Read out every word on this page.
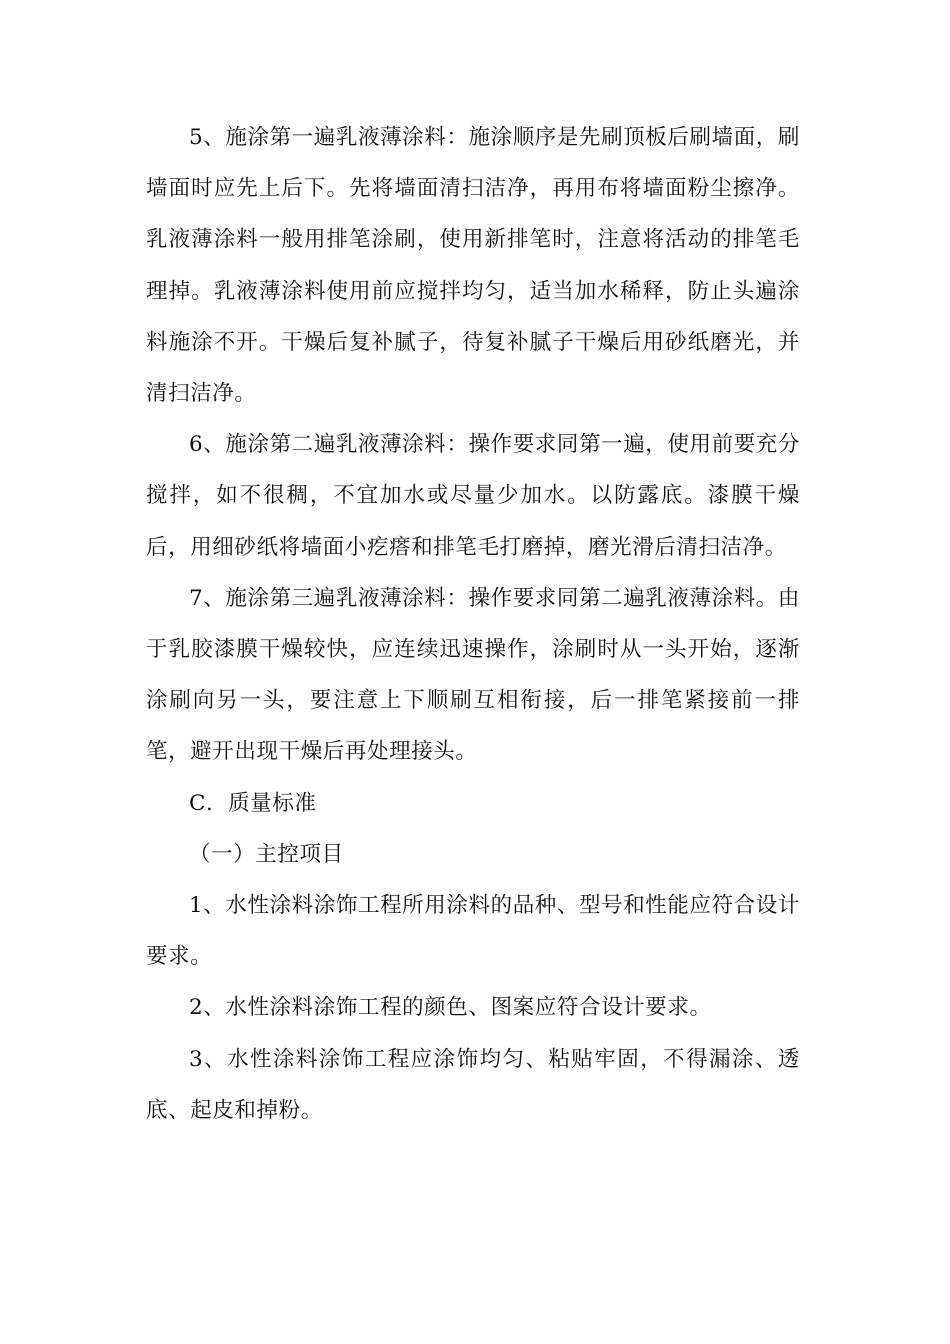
5、施涂第一遍乳液薄涂料：施涂顺序是先刷顶板后刷墙面，刷墙面时应先上后下。先将墙面清扫洁净，再用布将墙面粉尘擦净。乳液薄涂料一般用排笔涂刷，使用新排笔时，注意将活动的排笔毛理掉。乳液薄涂料使用前应搅拌均匀，适当加水稀释，防止头遍涂料施涂不开。干燥后复补腻子，待复补腻子干燥后用砂纸磨光，并清扫洁净。

6、施涂第二遍乳液薄涂料：操作要求同第一遍，使用前要充分搅拌，如不很稠，不宜加水或尽量少加水。以防露底。漆膜干燥后，用细砂纸将墙面小疙瘩和排笔毛打磨掉，磨光滑后清扫洁净。

7、施涂第三遍乳液薄涂料：操作要求同第二遍乳液薄涂料。由于乳胶漆膜干燥较快，应连续迅速操作，涂刷时从一头开始，逐渐涂刷向另一头，要注意上下顺刷互相衔接，后一排笔紧接前一排笔，避开出现干燥后再处理接头。

C．质量标准

（一）主控项目

1、水性涂料涂饰工程所用涂料的品种、型号和性能应符合设计要求。

2、水性涂料涂饰工程的颜色、图案应符合设计要求。

3、水性涂料涂饰工程应涂饰均匀、粘贴牢固，不得漏涂、透底、起皮和掉粉。
